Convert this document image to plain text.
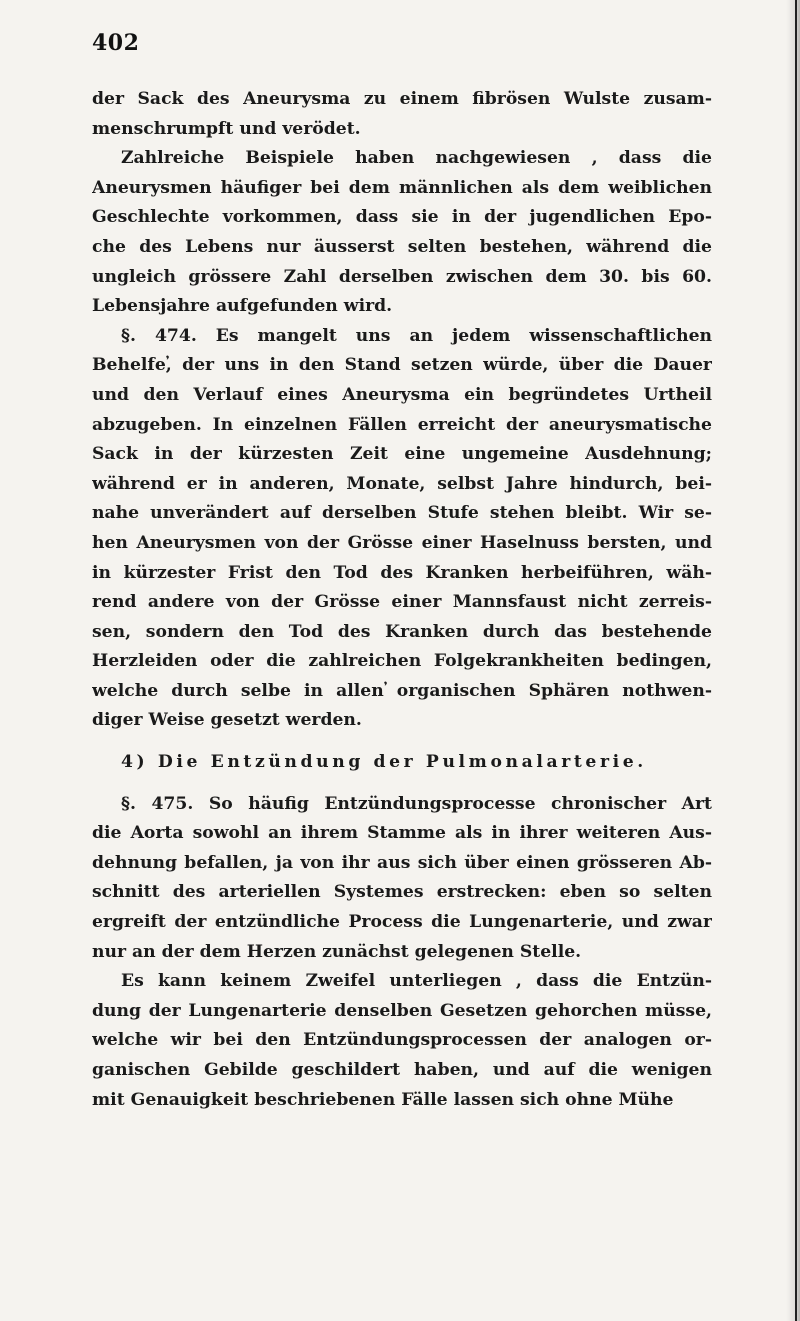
402
der Sack des Aneurysma zu einem fibrösen Wulste zusam-
menschrumpft und verödet.
Zahlreiche Beispiele haben nachgewiesen , dass die
Aneurysmen häufiger bei dem männlichen als dem weiblichen
Geschlechte vorkommen, dass sie in der jugendlichen Epo-
che des Lebens nur äusserst selten bestehen, während die
ungleich grössere Zahl derselben zwischen dem 30. bis 60.
Lebensjahre aufgefunden wird.
§. 474. Es mangelt uns an jedem wissenschaftlichen
Behelfe,̓ der uns in den Stand setzen würde, über die Dauer
und den Verlauf eines Aneurysma ein begründetes Urtheil
abzugeben. In einzelnen Fällen erreicht der aneurysmatische
Sack in der kürzesten Zeit eine ungemeine Ausdehnung;
während er in anderen, Monate, selbst Jahre hindurch, bei-
nahe unverändert auf derselben Stufe stehen bleibt. Wir se-
hen Aneurysmen von der Grösse einer Haselnuss bersten, und
in kürzester Frist den Tod des Kranken herbeiführen, wäh-
rend andere von der Grösse einer Mannsfaust nicht zerreis-
sen, sondern den Tod des Kranken durch das bestehende
Herzleiden oder die zahlreichen Folgekrankheiten bedingen,
welche durch selbe in allen ̓organischen Sphären nothwen-
diger Weise gesetzt werden.
4) Die Entzündung der Pulmonalarterie.
§. 475. So häufig Entzündungsprocesse chronischer Art
die Aorta sowohl an ihrem Stamme als in ihrer weiteren Aus-
dehnung befallen, ja von ihr aus sich über einen grösseren Ab-
schnitt des arteriellen Systemes erstrecken: eben so selten
ergreift der entzündliche Process die Lungenarterie, und zwar
nur an der dem Herzen zunächst gelegenen Stelle.
Es kann keinem Zweifel unterliegen , dass die Entzün-
dung der Lungenarterie denselben Gesetzen gehorchen müsse,
welche wir bei den Entzündungsprocessen der analogen or-
ganischen Gebilde geschildert haben, und auf die wenigen
mit Genauigkeit beschriebenen Fälle lassen sich ohne Mühe
